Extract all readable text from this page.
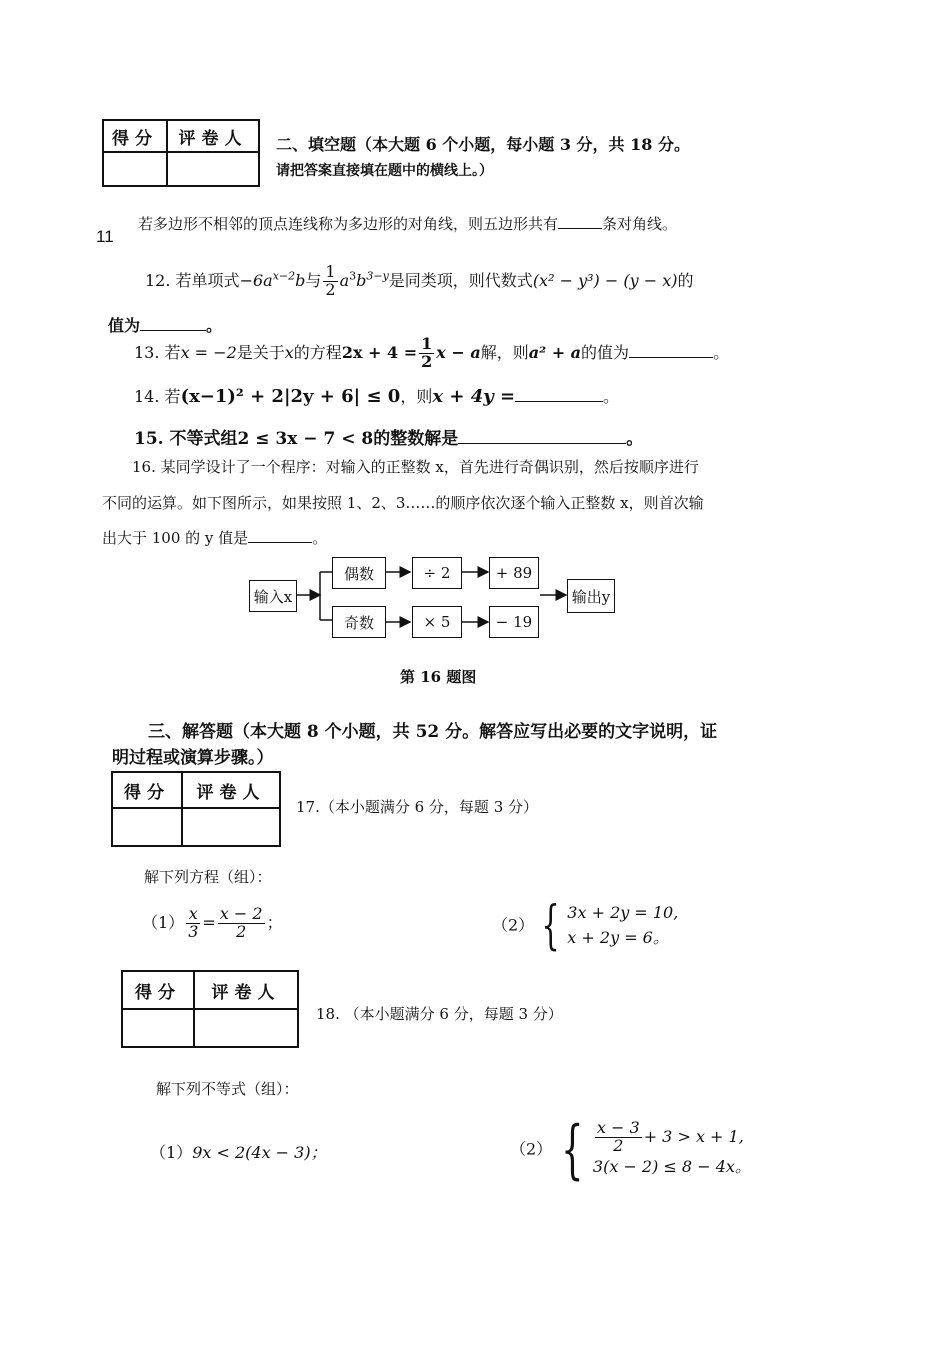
得分	评卷人
	二、填空题（本大题 6 个小题，每小题 3 分，共 18 分。
请把答案直接填在题中的横线上。）
11
若多边形不相邻的顶点连线称为多边形的对角线，则五边形共有	条对角线。
12. 若单项式$-6a^{x-2}b$与 $\frac{1}{2} a^3b^{3-y}$是同类项，则代数式(x² − y³) − (y − x)的
值为	。
13. 若x = −2是关于x的方程$2x + 4 = \frac{1}{2}$ x − a解，则a² + a的值为	。
14. 若(x−1)² + 2|2y + 6| ≤ 0，则x + 4y =	。
15. 不等式组2 ≤ 3x − 7 < 8的整数解是	。
16. 某同学设计了一个程序：对输入的正整数 x，首先进行奇偶识别，然后按顺序进行
不同的运算。如下图所示，如果按照 1、2、3……的顺序依次逐个输入正整数 x，则首次输
出大于 100 的 y 值是	。
输入x
偶数
奇数
÷ 2
× 5
+ 89
− 19
输出y
第 16 题图
三、解答题（本大题 8 个小题，共 52 分。解答应写出必要的文字说明，证
明过程或演算步骤。）
得分	评卷人

17.（本小题满分 6 分，每题 3 分）
解下列方程（组）：
$(1) \frac{x}{3} = \frac{x - 2}{2}$ ；	（2） { 3x + 2y = 10,
x + 2y = 6。
得分	评卷人

18. （本小题满分 6 分，每题 3 分）
解下列不等式（组）：
（1）9x < 2(4x − 3)；	（2） { $\frac{x - 3}{2} + 3 > x + 1$,
3(x − 2) ≤ 8 − 4x。
